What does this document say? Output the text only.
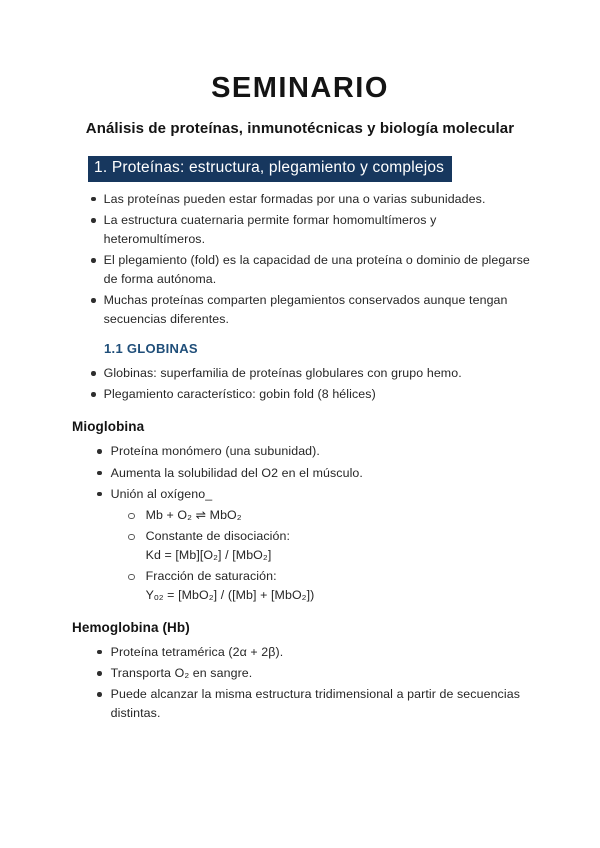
SEMINARIO
Análisis de proteínas, inmunotécnicas y biología molecular
1. Proteínas: estructura, plegamiento y complejos
Las proteínas pueden estar formadas por una o varias subunidades.
La estructura cuaternaria permite formar homomultímeros y heteromultímeros.
El plegamiento (fold) es la capacidad de una proteína o dominio de plegarse de forma autónoma.
Muchas proteínas comparten plegamientos conservados aunque tengan secuencias diferentes.
1.1 GLOBINAS
Globinas: superfamilia de proteínas globulares con grupo hemo.
Plegamiento característico: gobin fold (8 hélices)
Mioglobina
Proteína monómero (una subunidad).
Aumenta la solubilidad del O2 en el músculo.
Unión al oxígeno_
Mb + O₂ ⇌ MbO₂
Constante de disociación:
Kd = [Mb][O₂] / [MbO₂]
Fracción de saturación:
Yₒ₂ = [MbO₂] / ([Mb] + [MbO₂])
Hemoglobina (Hb)
Proteína tetramérica (2α + 2β).
Transporta O₂ en sangre.
Puede alcanzar la misma estructura tridimensional a partir de secuencias distintas.
